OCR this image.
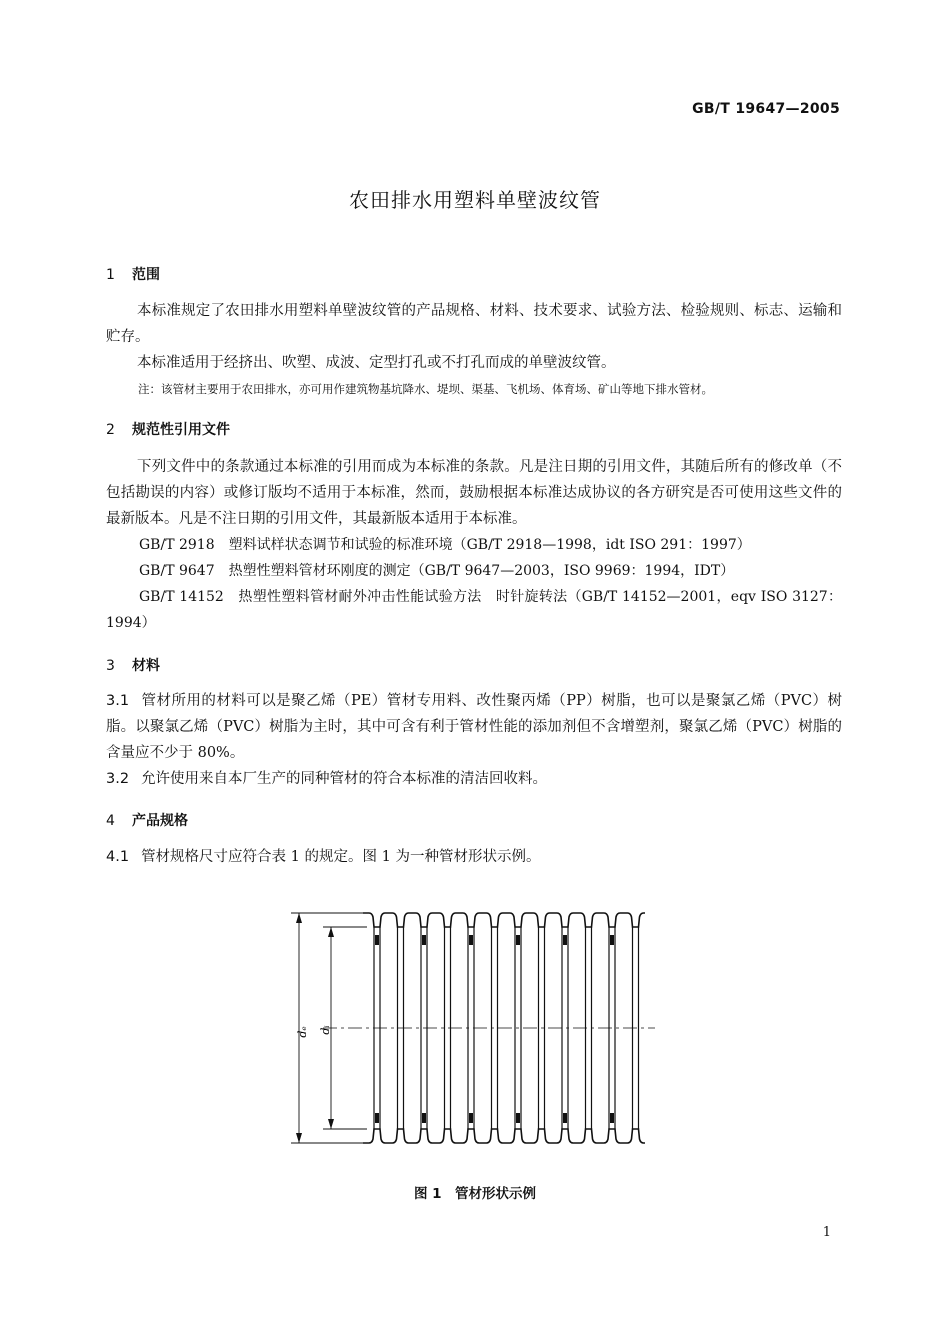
GB/T 19647—2005
农田排水用塑料单壁波纹管
1 范围
本标准规定了农田排水用塑料单壁波纹管的产品规格、材料、技术要求、试验方法、检验规则、标志、运输和贮存。
本标准适用于经挤出、吹塑、成波、定型打孔或不打孔而成的单壁波纹管。
注：该管材主要用于农田排水，亦可用作建筑物基坑降水、堤坝、渠基、飞机场、体育场、矿山等地下排水管材。
2 规范性引用文件
下列文件中的条款通过本标准的引用而成为本标准的条款。凡是注日期的引用文件，其随后所有的修改单（不包括勘误的内容）或修订版均不适用于本标准，然而，鼓励根据本标准达成协议的各方研究是否可使用这些文件的最新版本。凡是不注日期的引用文件，其最新版本适用于本标准。
GB/T 2918　塑料试样状态调节和试验的标准环境（GB/T 2918—1998，idt ISO 291：1997）
GB/T 9647　热塑性塑料管材环刚度的测定（GB/T 9647—2003，ISO 9969：1994，IDT）
GB/T 14152　热塑性塑料管材耐外冲击性能试验方法　时针旋转法（GB/T 14152—2001，eqv ISO 3127：1994）
3 材料
3.1 管材所用的材料可以是聚乙烯（PE）管材专用料、改性聚丙烯（PP）树脂，也可以是聚氯乙烯（PVC）树脂。以聚氯乙烯（PVC）树脂为主时，其中可含有利于管材性能的添加剂但不含增塑剂，聚氯乙烯（PVC）树脂的含量应不少于 80%。
3.2 允许使用来自本厂生产的同种管材的符合本标准的清洁回收料。
4 产品规格
4.1 管材规格尺寸应符合表 1 的规定。图 1 为一种管材形状示例。
dₑ dᵢ
图 1　管材形状示例
1
